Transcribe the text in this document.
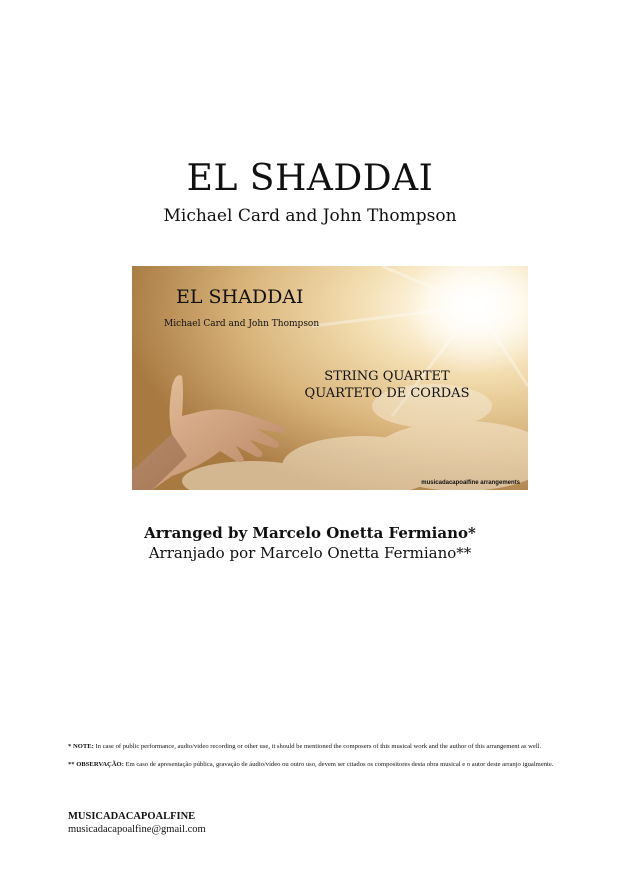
EL SHADDAI
Michael Card and John Thompson
EL SHADDAI
Michael Card and John Thompson
STRING QUARTET
QUARTETO DE CORDAS
musicadacapoalfine arrangements
Arranged by Marcelo Onetta Fermiano*
Arranjado por Marcelo Onetta Fermiano**
* NOTE: In case of public performance, audio/video recording or other use, it should be mentioned the composers of this musical work and the author of this arrangement as well.
** OBSERVAÇÃO: Em caso de apresentação pública, gravação de áudio/vídeo ou outro uso, devem ser citados os compositores desta obra musical e o autor deste arranjo igualmente.
MUSICADACAPOALFINE
musicadacapoalfine@gmail.com
